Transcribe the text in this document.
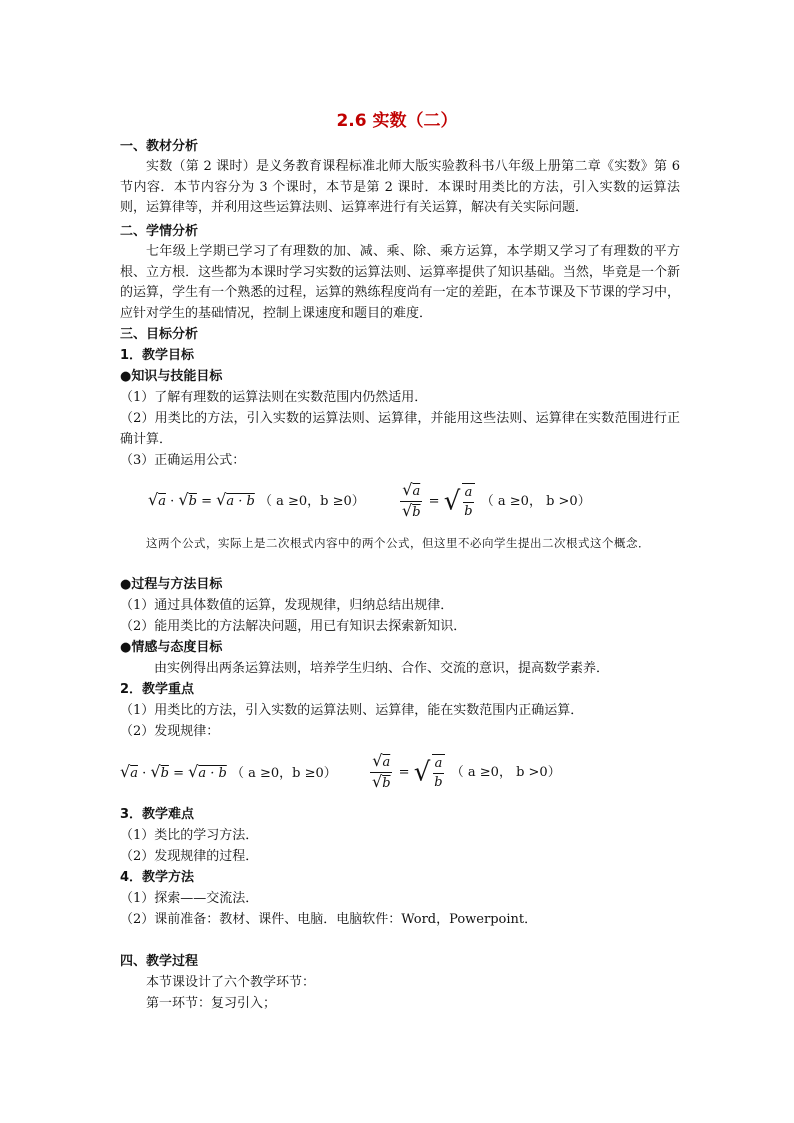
2.6 实数（二）
一、教材分析
实数（第 2 课时）是义务教育课程标准北师大版实验教科书八年级上册第二章《实数》第 6 节内容．本节内容分为 3 个课时，本节是第 2 课时．本课时用类比的方法，引入实数的运算法则，运算律等，并利用这些运算法则、运算率进行有关运算，解决有关实际问题．
二、学情分析
七年级上学期已学习了有理数的加、减、乘、除、乘方运算，本学期又学习了有理数的平方根、立方根．这些都为本课时学习实数的运算法则、运算率提供了知识基础。当然，毕竟是一个新的运算，学生有一个熟悉的过程，运算的熟练程度尚有一定的差距，在本节课及下节课的学习中，应针对学生的基础情况，控制上课速度和题目的难度．
三、目标分析
1．教学目标
●知识与技能目标
（1）了解有理数的运算法则在实数范围内仍然适用．
（2）用类比的方法，引入实数的运算法则、运算律，并能用这些法则、运算律在实数范围进行正确计算．
（3）正确运用公式：
√a · √b = √a · b （ a ≥0，$b \ge 0) \frac{√a}{√b}$ = √ $\frac{a}{b}$ （ a ≥0， b >0）
这两个公式，实际上是二次根式内容中的两个公式，但这里不必向学生提出二次根式这个概念．
●过程与方法目标
（1）通过具体数值的运算，发现规律，归纳总结出规律．
（2）能用类比的方法解决问题，用已有知识去探索新知识．
●情感与态度目标
由实例得出两条运算法则，培养学生归纳、合作、交流的意识，提高数学素养．
2．教学重点
（1）用类比的方法，引入实数的运算法则、运算律，能在实数范围内正确运算．
（2）发现规律：
√a · √b = √a · b （ a ≥0，$b \ge 0) \frac{√a}{√b}$ = √ $\frac{a}{b}$ （ a ≥0， b >0）
3．教学难点
（1）类比的学习方法．
（2）发现规律的过程．
4．教学方法
（1）探索——交流法．
（2）课前准备：教材、课件、电脑．电脑软件：Word，Powerpoint．
四、教学过程
本节课设计了六个教学环节：
第一环节：复习引入；
